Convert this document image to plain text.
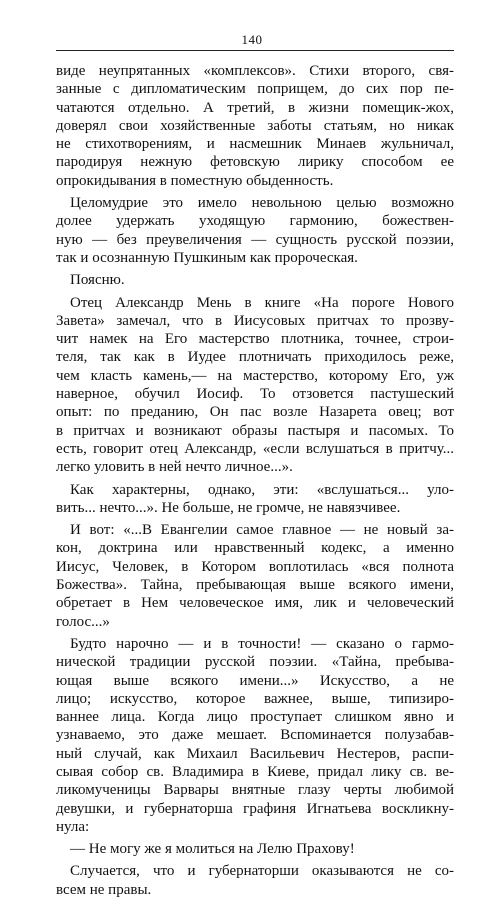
140
виде неупрятанных «комплексов». Стихи второго, свя-
занные с дипломатическим поприщем, до сих пор пе-
чатаются отдельно. А третий, в жизни помещик-жох,
доверял свои хозяйственные заботы статьям, но никак
не стихотворениям, и насмешник Минаев жульничал,
пародируя нежную фетовскую лирику способом ее
опрокидывания в поместную обыденность.
Целомудрие это имело невольною целью возможно
долее удержать уходящую гармонию, божествен-
ную — без преувеличения — сущность русской поэзии,
так и осознанную Пушкиным как пророческая.
Поясню.
Отец Александр Мень в книге «На пороге Нового
Завета» замечал, что в Иисусовых притчах то прозву-
чит намек на Его мастерство плотника, точнее, строи-
теля, так как в Иудее плотничать приходилось реже,
чем класть камень,— на мастерство, которому Его, уж
наверное, обучил Иосиф. То отзовется пастушеский
опыт: по преданию, Он пас возле Назарета овец; вот
в притчах и возникают образы пастыря и пасомых. То
есть, говорит отец Александр, «если вслушаться в притчу...
легко уловить в ней нечто личное...».
Как характерны, однако, эти: «вслушаться... уло-
вить... нечто...». Не больше, не громче, не навязчивее.
И вот: «...В Евангелии самое главное — не новый за-
кон, доктрина или нравственный кодекс, а именно
Иисус, Человек, в Котором воплотилась «вся полнота
Божества». Тайна, пребывающая выше всякого имени,
обретает в Нем человеческое имя, лик и человеческий
голос...»
Будто нарочно — и в точности! — сказано о гармо-
нической традиции русской поэзии. «Тайна, пребыва-
ющая выше всякого имени...» Искусство, а не
лицо; искусство, которое важнее, выше, типизиро-
ваннее лица. Когда лицо проступает слишком явно и
узнаваемо, это даже мешает. Вспоминается полузабав-
ный случай, как Михаил Васильевич Нестеров, распи-
сывая собор св. Владимира в Киеве, придал лику св. ве-
ликомученицы Варвары внятные глазу черты любимой
девушки, и губернаторша графиня Игнатьева воскликну-
нула:
— Не могу же я молиться на Лелю Прахову!
Случается, что и губернаторши оказываются не со-
всем не правы.
